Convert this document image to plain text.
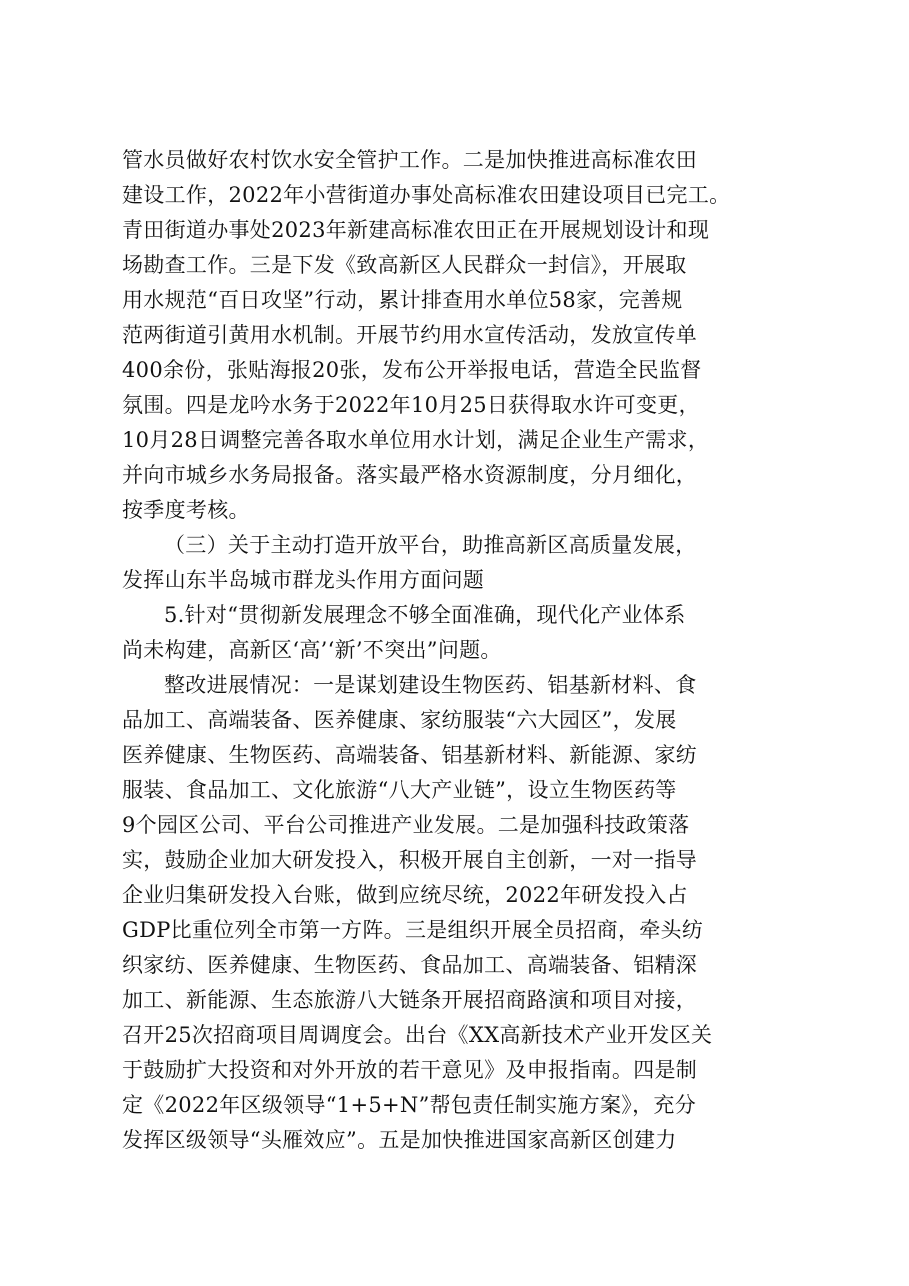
管水员做好农村饮水安全管护工作。二是加快推进高标准农田
建设工作，2022年小营街道办事处高标准农田建设项目已完工。
青田街道办事处2023年新建高标准农田正在开展规划设计和现
场勘查工作。三是下发《致高新区人民群众一封信》，开展取
用水规范“百日攻坚”行动，累计排查用水单位58家，完善规
范两街道引黄用水机制。开展节约用水宣传活动，发放宣传单
400余份，张贴海报20张，发布公开举报电话，营造全民监督
氛围。四是龙吟水务于2022年10月25日获得取水许可变更，
10月28日调整完善各取水单位用水计划，满足企业生产需求，
并向市城乡水务局报备。落实最严格水资源制度，分月细化，
按季度考核。
（三）关于主动打造开放平台，助推高新区高质量发展，
发挥山东半岛城市群龙头作用方面问题
5.针对“贯彻新发展理念不够全面准确，现代化产业体系
尚未构建，高新区‘高’‘新’不突出”问题。
整改进展情况：一是谋划建设生物医药、铝基新材料、食
品加工、高端装备、医养健康、家纺服装“六大园区”，发展
医养健康、生物医药、高端装备、铝基新材料、新能源、家纺
服装、食品加工、文化旅游“八大产业链”，设立生物医药等
9个园区公司、平台公司推进产业发展。二是加强科技政策落
实，鼓励企业加大研发投入，积极开展自主创新，一对一指导
企业归集研发投入台账，做到应统尽统，2022年研发投入占
GDP比重位列全市第一方阵。三是组织开展全员招商，牵头纺
织家纺、医养健康、生物医药、食品加工、高端装备、铝精深
加工、新能源、生态旅游八大链条开展招商路演和项目对接，
召开25次招商项目周调度会。出台《XX高新技术产业开发区关
于鼓励扩大投资和对外开放的若干意见》及申报指南。四是制
定《2022年区级领导“1+5+N”帮包责任制实施方案》，充分
发挥区级领导“头雁效应”。五是加快推进国家高新区创建力
